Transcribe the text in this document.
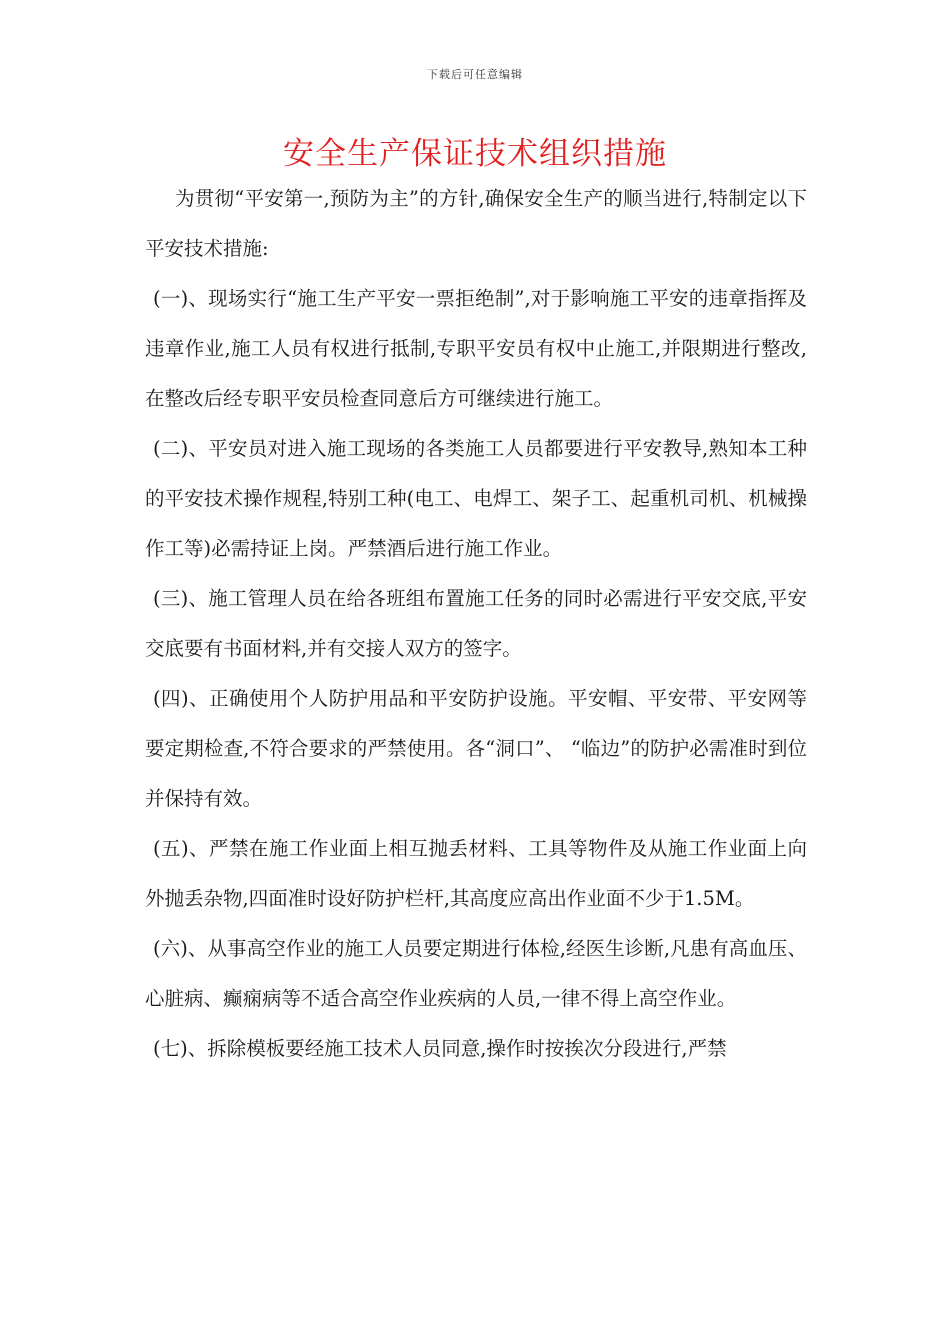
下载后可任意编辑
安全生产保证技术组织措施

为贯彻“平安第一,预防为主”的方针,确保安全生产的顺当进行,特制定以下平安技术措施:

(一)、现场实行“施工生产平安一票拒绝制”,对于影响施工平安的违章指挥及违章作业,施工人员有权进行抵制,专职平安员有权中止施工,并限期进行整改,在整改后经专职平安员检查同意后方可继续进行施工。

(二)、平安员对进入施工现场的各类施工人员都要进行平安教导,熟知本工种的平安技术操作规程,特别工种(电工、电焊工、架子工、起重机司机、机械操作工等)必需持证上岗。严禁酒后进行施工作业。

(三)、施工管理人员在给各班组布置施工任务的同时必需进行平安交底,平安交底要有书面材料,并有交接人双方的签字。

(四)、正确使用个人防护用品和平安防护设施。平安帽、平安带、平安网等要定期检查,不符合要求的严禁使用。各“洞口”、 “临边”的防护必需准时到位并保持有效。

(五)、严禁在施工作业面上相互抛丢材料、工具等物件及从施工作业面上向外抛丢杂物,四面准时设好防护栏杆,其高度应高出作业面不少于1.5M。

(六)、从事高空作业的施工人员要定期进行体检,经医生诊断,凡患有高血压、心脏病、癫痫病等不适合高空作业疾病的人员,一律不得上高空作业。

(七)、拆除模板要经施工技术人员同意,操作时按挨次分段进行,严禁
